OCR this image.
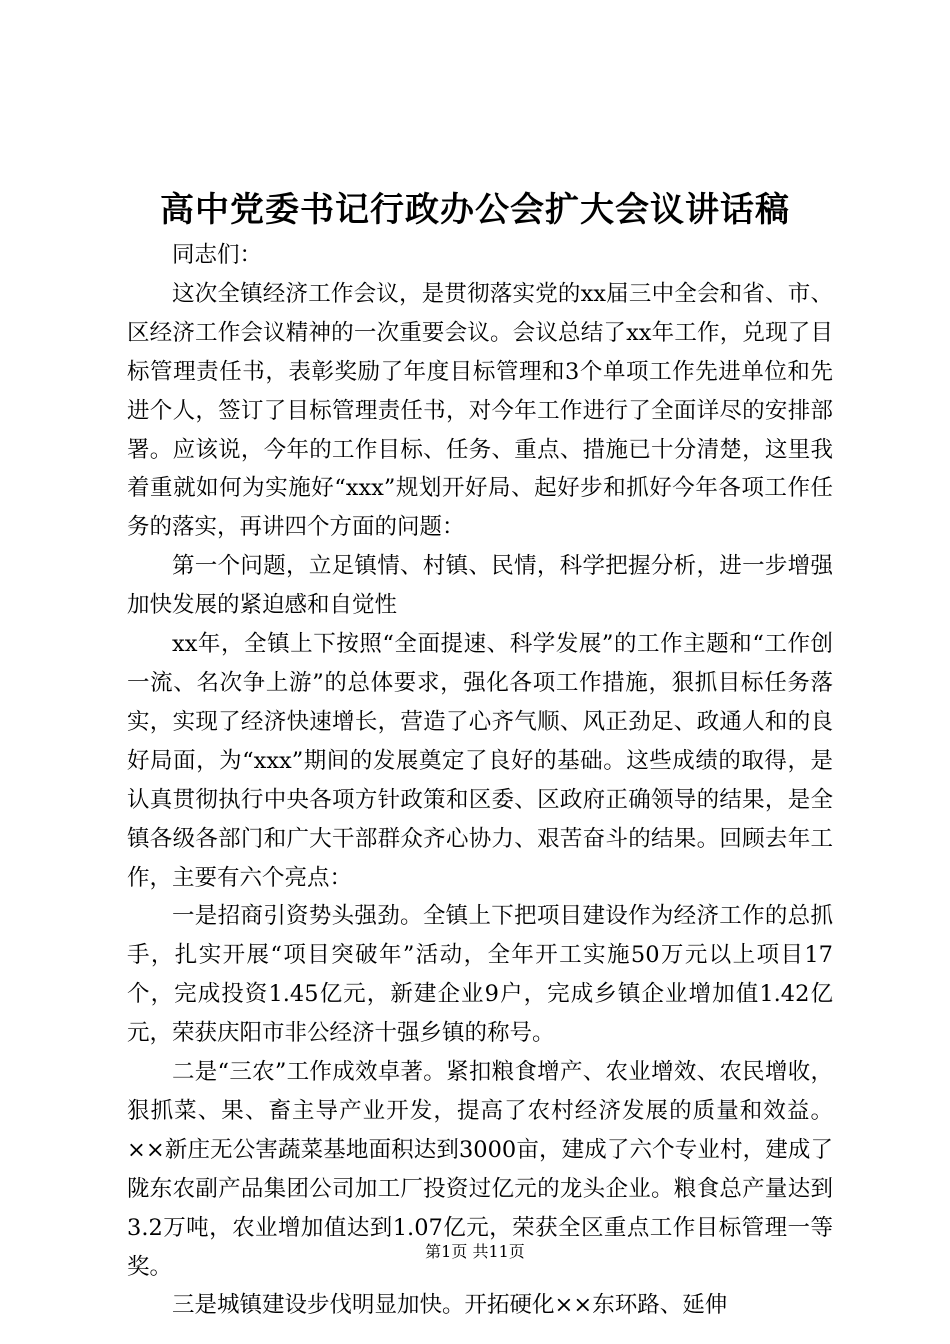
高中党委书记行政办公会扩大会议讲话稿

同志们：

这次全镇经济工作会议，是贯彻落实党的xx届三中全会和省、市、区经济工作会议精神的一次重要会议。会议总结了xx年工作，兑现了目标管理责任书，表彰奖励了年度目标管理和3个单项工作先进单位和先进个人，签订了目标管理责任书，对今年工作进行了全面详尽的安排部署。应该说，今年的工作目标、任务、重点、措施已十分清楚，这里我着重就如何为实施好“xxx”规划开好局、起好步和抓好今年各项工作任务的落实，再讲四个方面的问题：

第一个问题，立足镇情、村镇、民情，科学把握分析，进一步增强加快发展的紧迫感和自觉性

xx年，全镇上下按照“全面提速、科学发展”的工作主题和“工作创一流、名次争上游”的总体要求，强化各项工作措施，狠抓目标任务落实，实现了经济快速增长，营造了心齐气顺、风正劲足、政通人和的良好局面，为“xxx”期间的发展奠定了良好的基础。这些成绩的取得，是认真贯彻执行中央各项方针政策和区委、区政府正确领导的结果，是全镇各级各部门和广大干部群众齐心协力、艰苦奋斗的结果。回顾去年工作，主要有六个亮点：

一是招商引资势头强劲。全镇上下把项目建设作为经济工作的总抓手，扎实开展“项目突破年”活动，全年开工实施50万元以上项目17个，完成投资1.45亿元，新建企业9户，完成乡镇企业增加值1.42亿元，荣获庆阳市非公经济十强乡镇的称号。

二是“三农”工作成效卓著。紧扣粮食增产、农业增效、农民增收，狠抓菜、果、畜主导产业开发，提高了农村经济发展的质量和效益。××新庄无公害蔬菜基地面积达到3000亩，建成了六个专业村，建成了陇东农副产品集团公司加工厂投资过亿元的龙头企业。粮食总产量达到3.2万吨，农业增加值达到1.07亿元，荣获全区重点工作目标管理一等奖。

三是城镇建设步伐明显加快。开拓硬化××东环路、延伸

第1页 共11页
